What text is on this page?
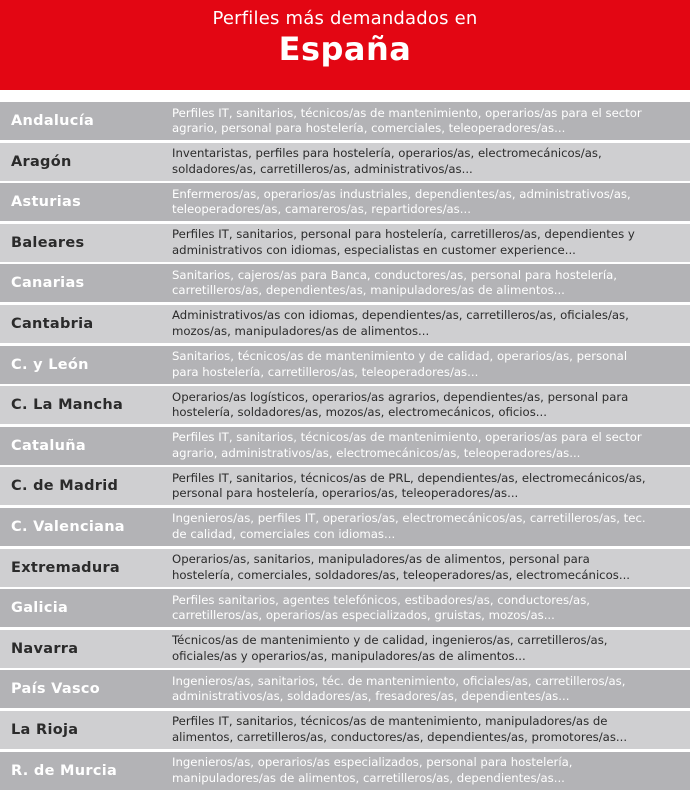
Perfiles más demandados en
España
Andalucía
Perfiles IT, sanitarios, técnicos/as de mantenimiento, operarios/as para el sector
agrario, personal para hostelería, comerciales, teleoperadores/as...
Aragón
Inventaristas, perfiles para hostelería, operarios/as, electromecánicos/as,
soldadores/as, carretilleros/as, administrativos/as...
Asturias
Enfermeros/as, operarios/as industriales, dependientes/as, administrativos/as,
teleoperadores/as, camareros/as, repartidores/as...
Baleares
Perfiles IT, sanitarios, personal para hostelería, carretilleros/as, dependientes y
administrativos con idiomas, especialistas en customer experience...
Canarias
Sanitarios, cajeros/as para Banca, conductores/as, personal para hostelería,
carretilleros/as, dependientes/as, manipuladores/as de alimentos...
Cantabria
Administrativos/as con idiomas, dependientes/as, carretilleros/as, oficiales/as,
mozos/as, manipuladores/as de alimentos...
C. y León
Sanitarios, técnicos/as de mantenimiento y de calidad, operarios/as, personal
para hostelería, carretilleros/as, teleoperadores/as...
C. La Mancha
Operarios/as logísticos, operarios/as agrarios, dependientes/as, personal para
hostelería, soldadores/as, mozos/as, electromecánicos, oficios...
Cataluña
Perfiles IT, sanitarios, técnicos/as de mantenimiento, operarios/as para el sector
agrario, administrativos/as, electromecánicos/as, teleoperadores/as...
C. de Madrid
Perfiles IT, sanitarios, técnicos/as de PRL, dependientes/as, electromecánicos/as,
personal para hostelería, operarios/as, teleoperadores/as...
C. Valenciana
Ingenieros/as, perfiles IT, operarios/as, electromecánicos/as, carretilleros/as, tec.
de calidad, comerciales con idiomas...
Extremadura
Operarios/as, sanitarios, manipuladores/as de alimentos, personal para
hostelería, comerciales, soldadores/as, teleoperadores/as, electromecánicos...
Galicia
Perfiles sanitarios, agentes telefónicos, estibadores/as, conductores/as,
carretilleros/as, operarios/as especializados, gruistas, mozos/as...
Navarra
Técnicos/as de mantenimiento y de calidad, ingenieros/as, carretilleros/as,
oficiales/as y operarios/as, manipuladores/as de alimentos...
País Vasco
Ingenieros/as, sanitarios, téc. de mantenimiento, oficiales/as, carretilleros/as,
administrativos/as, soldadores/as, fresadores/as, dependientes/as...
La Rioja
Perfiles IT, sanitarios, técnicos/as de mantenimiento, manipuladores/as de
alimentos, carretilleros/as, conductores/as, dependientes/as, promotores/as...
R. de Murcia
Ingenieros/as, operarios/as especializados, personal para hostelería,
manipuladores/as de alimentos, carretilleros/as, dependientes/as...
